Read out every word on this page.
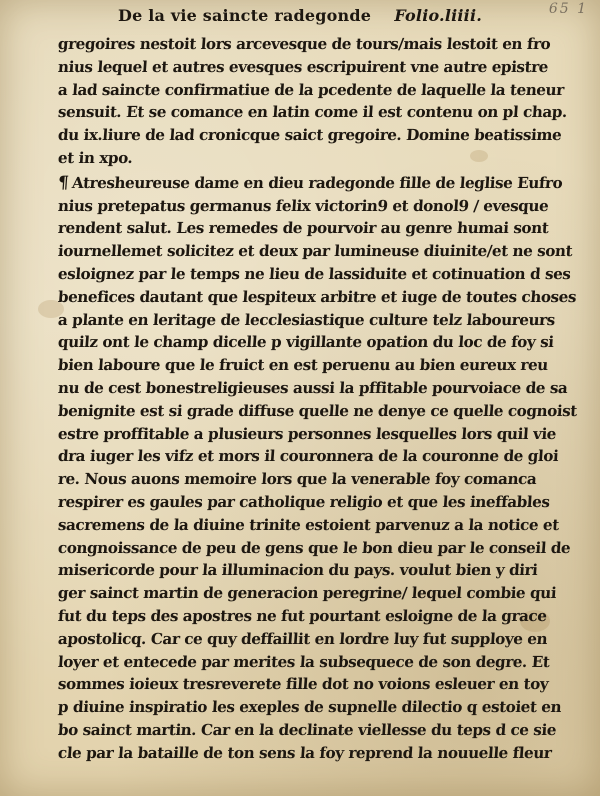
65 1
De la vie saincte radegonde Folio.liiii.
gregoires nestoit lors arcevesque de tours/mais lestoit en fro
nius lequel et autres evesques escripuirent vne autre epistre
a lad saincte confirmatiue de la pcedente de laquelle la teneur
sensuit. Et se comance en latin come il est contenu on pl chap.
du ix.liure de lad cronicque saict gregoire. Domine beatissime
et in xpo.
¶ Atresheureuse dame en dieu radegonde fille de leglise Eufro
nius pretepatus germanus felix victorin9 et donol9 / evesque
rendent salut. Les remedes de pourvoir au genre humai sont
iournellemet solicitez et deux par lumineuse diuinite/et ne sont
esloignez par le temps ne lieu de lassiduite et cotinuation d ses
benefices dautant que lespiteux arbitre et iuge de toutes choses
a plante en leritage de lecclesiastique culture telz laboureurs
quilz ont le champ dicelle p vigillante opation du loc de foy si
bien laboure que le fruict en est peruenu au bien eureux reu
nu de cest bonestreligieuses aussi la pffitable pourvoiace de sa
benignite est si grade diffuse quelle ne denye ce quelle cognoist
estre proffitable a plusieurs personnes lesquelles lors quil vie
dra iuger les vifz et mors il couronnera de la couronne de gloi
re. Nous auons memoire lors que la venerable foy comanca
respirer es gaules par catholique religio et que les ineffables
sacremens de la diuine trinite estoient parvenuz a la notice et
congnoissance de peu de gens que le bon dieu par le conseil de
misericorde pour la illuminacion du pays. voulut bien y diri
ger sainct martin de generacion peregrine/ lequel combie qui
fut du teps des apostres ne fut pourtant esloigne de la grace
apostolicq. Car ce quy deffaillit en lordre luy fut supploye en
loyer et entecede par merites la subsequece de son degre. Et
sommes ioieux tresreverete fille dot no voions esleuer en toy
p diuine inspiratio les exeples de supnelle dilectio q estoiet en
bo sainct martin. Car en la declinate viellesse du teps d ce sie
cle par la bataille de ton sens la foy reprend la nouuelle fleur
